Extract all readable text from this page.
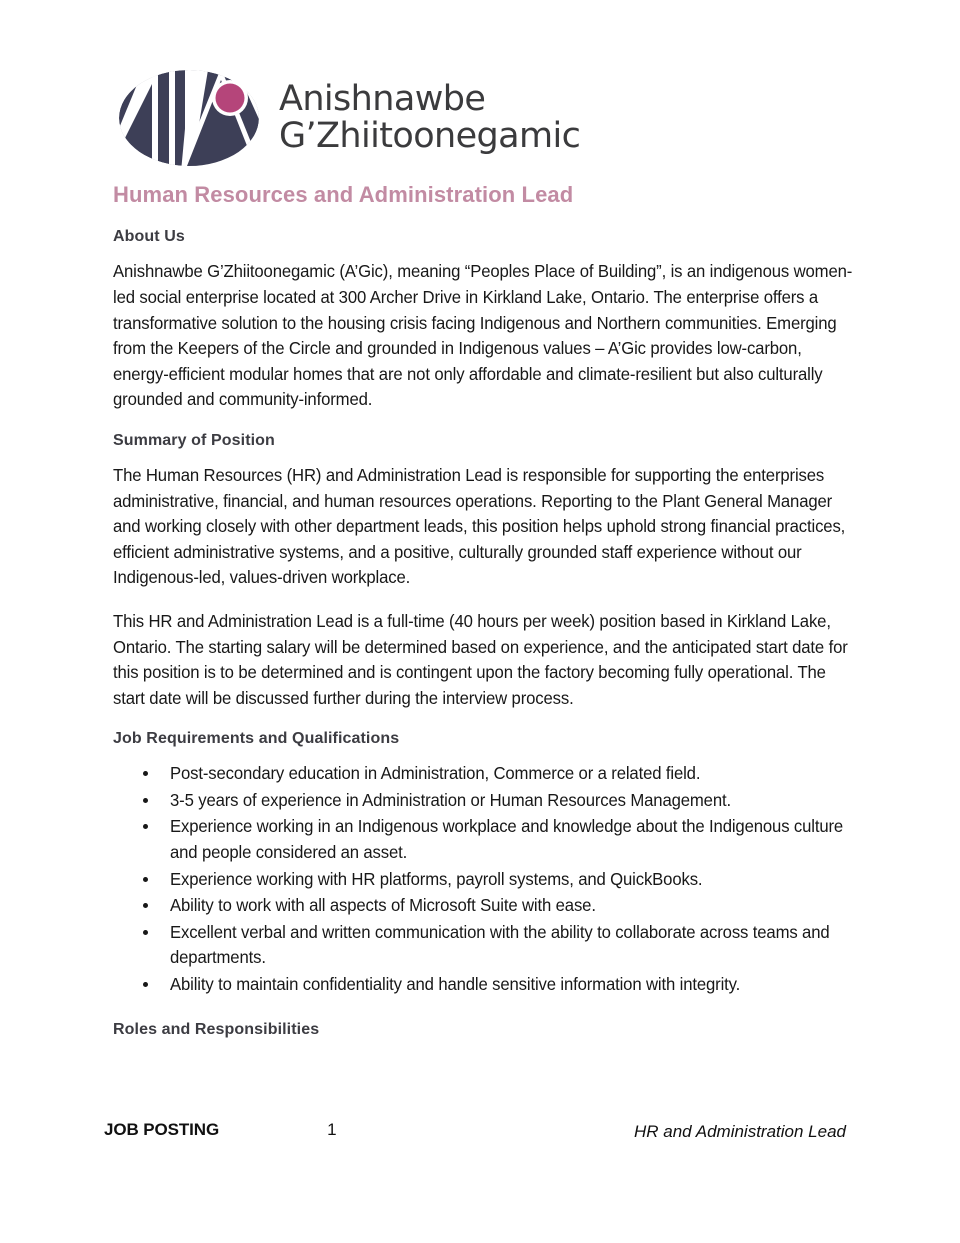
Anishnawbe
G’Zhiitoonegamic
Human Resources and Administration Lead
About Us

Anishnawbe G’Zhiitoonegamic (A’Gic), meaning “Peoples Place of Building”, is an indigenous women-led social enterprise located at 300 Archer Drive in Kirkland Lake, Ontario. The enterprise offers a transformative solution to the housing crisis facing Indigenous and Northern communities. Emerging from the Keepers of the Circle and grounded in Indigenous values – A’Gic provides low-carbon, energy-efficient modular homes that are not only affordable and climate-resilient but also culturally grounded and community-informed.

Summary of Position

The Human Resources (HR) and Administration Lead is responsible for supporting the enterprises administrative, financial, and human resources operations. Reporting to the Plant General Manager and working closely with other department leads, this position helps uphold strong financial practices, efficient administrative systems, and a positive, culturally grounded staff experience without our Indigenous-led, values-driven workplace.

This HR and Administration Lead is a full-time (40 hours per week) position based in Kirkland Lake, Ontario. The starting salary will be determined based on experience, and the anticipated start date for this position is to be determined and is contingent upon the factory becoming fully operational. The start date will be discussed further during the interview process.

Job Requirements and Qualifications
Post-secondary education in Administration, Commerce or a related field.
3-5 years of experience in Administration or Human Resources Management.
Experience working in an Indigenous workplace and knowledge about the Indigenous culture and people considered an asset.
Experience working with HR platforms, payroll systems, and QuickBooks.
Ability to work with all aspects of Microsoft Suite with ease.
Excellent verbal and written communication with the ability to collaborate across teams and departments.
Ability to maintain confidentiality and handle sensitive information with integrity.
Roles and Responsibilities
JOB POSTING	1	HR and Administration Lead
